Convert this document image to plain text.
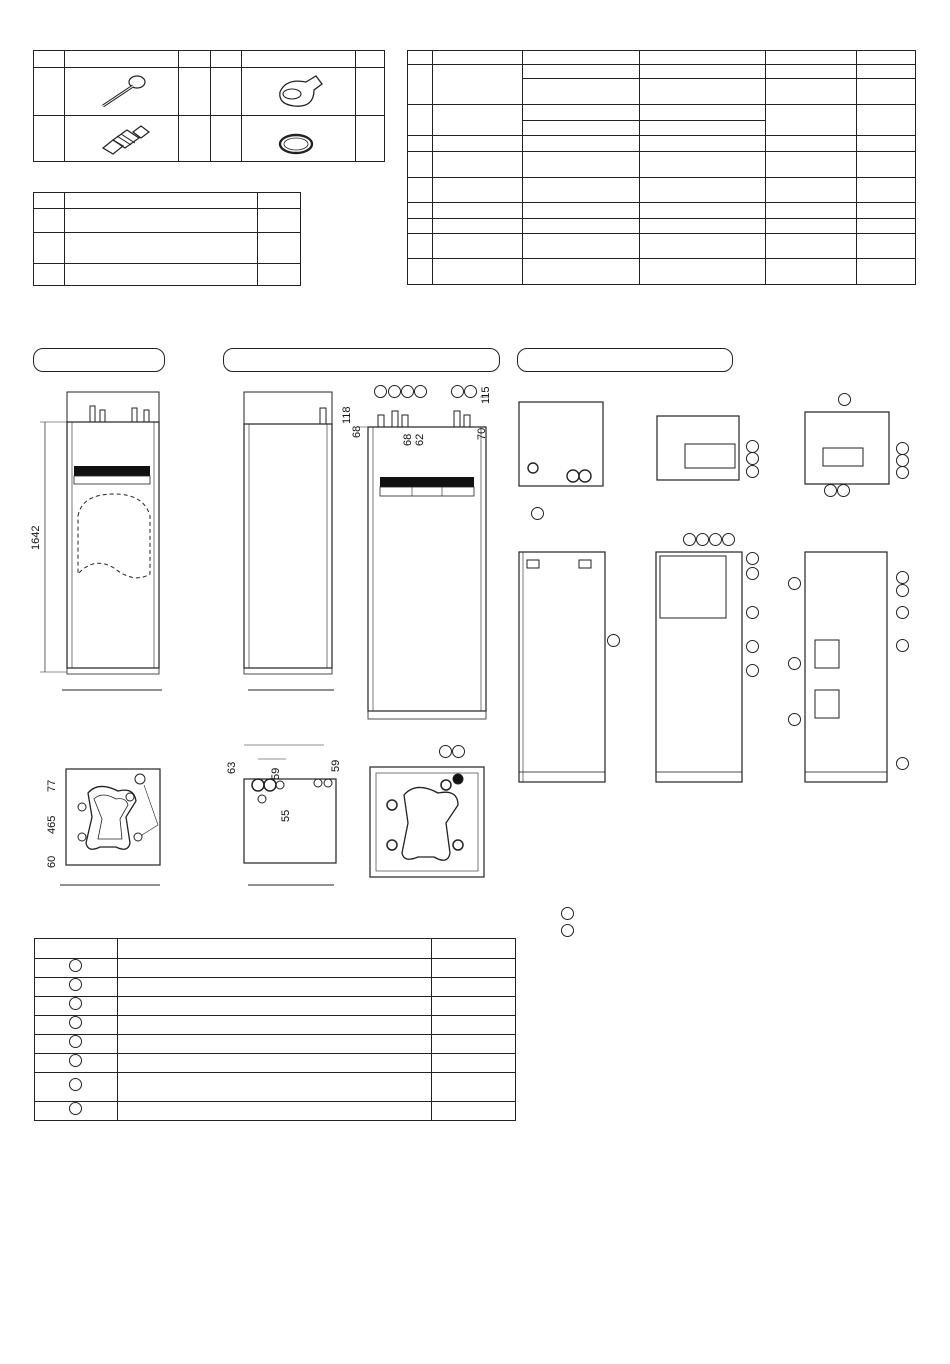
1642
118
68
68 62
115
70
77
465
60
63	59
55
59
